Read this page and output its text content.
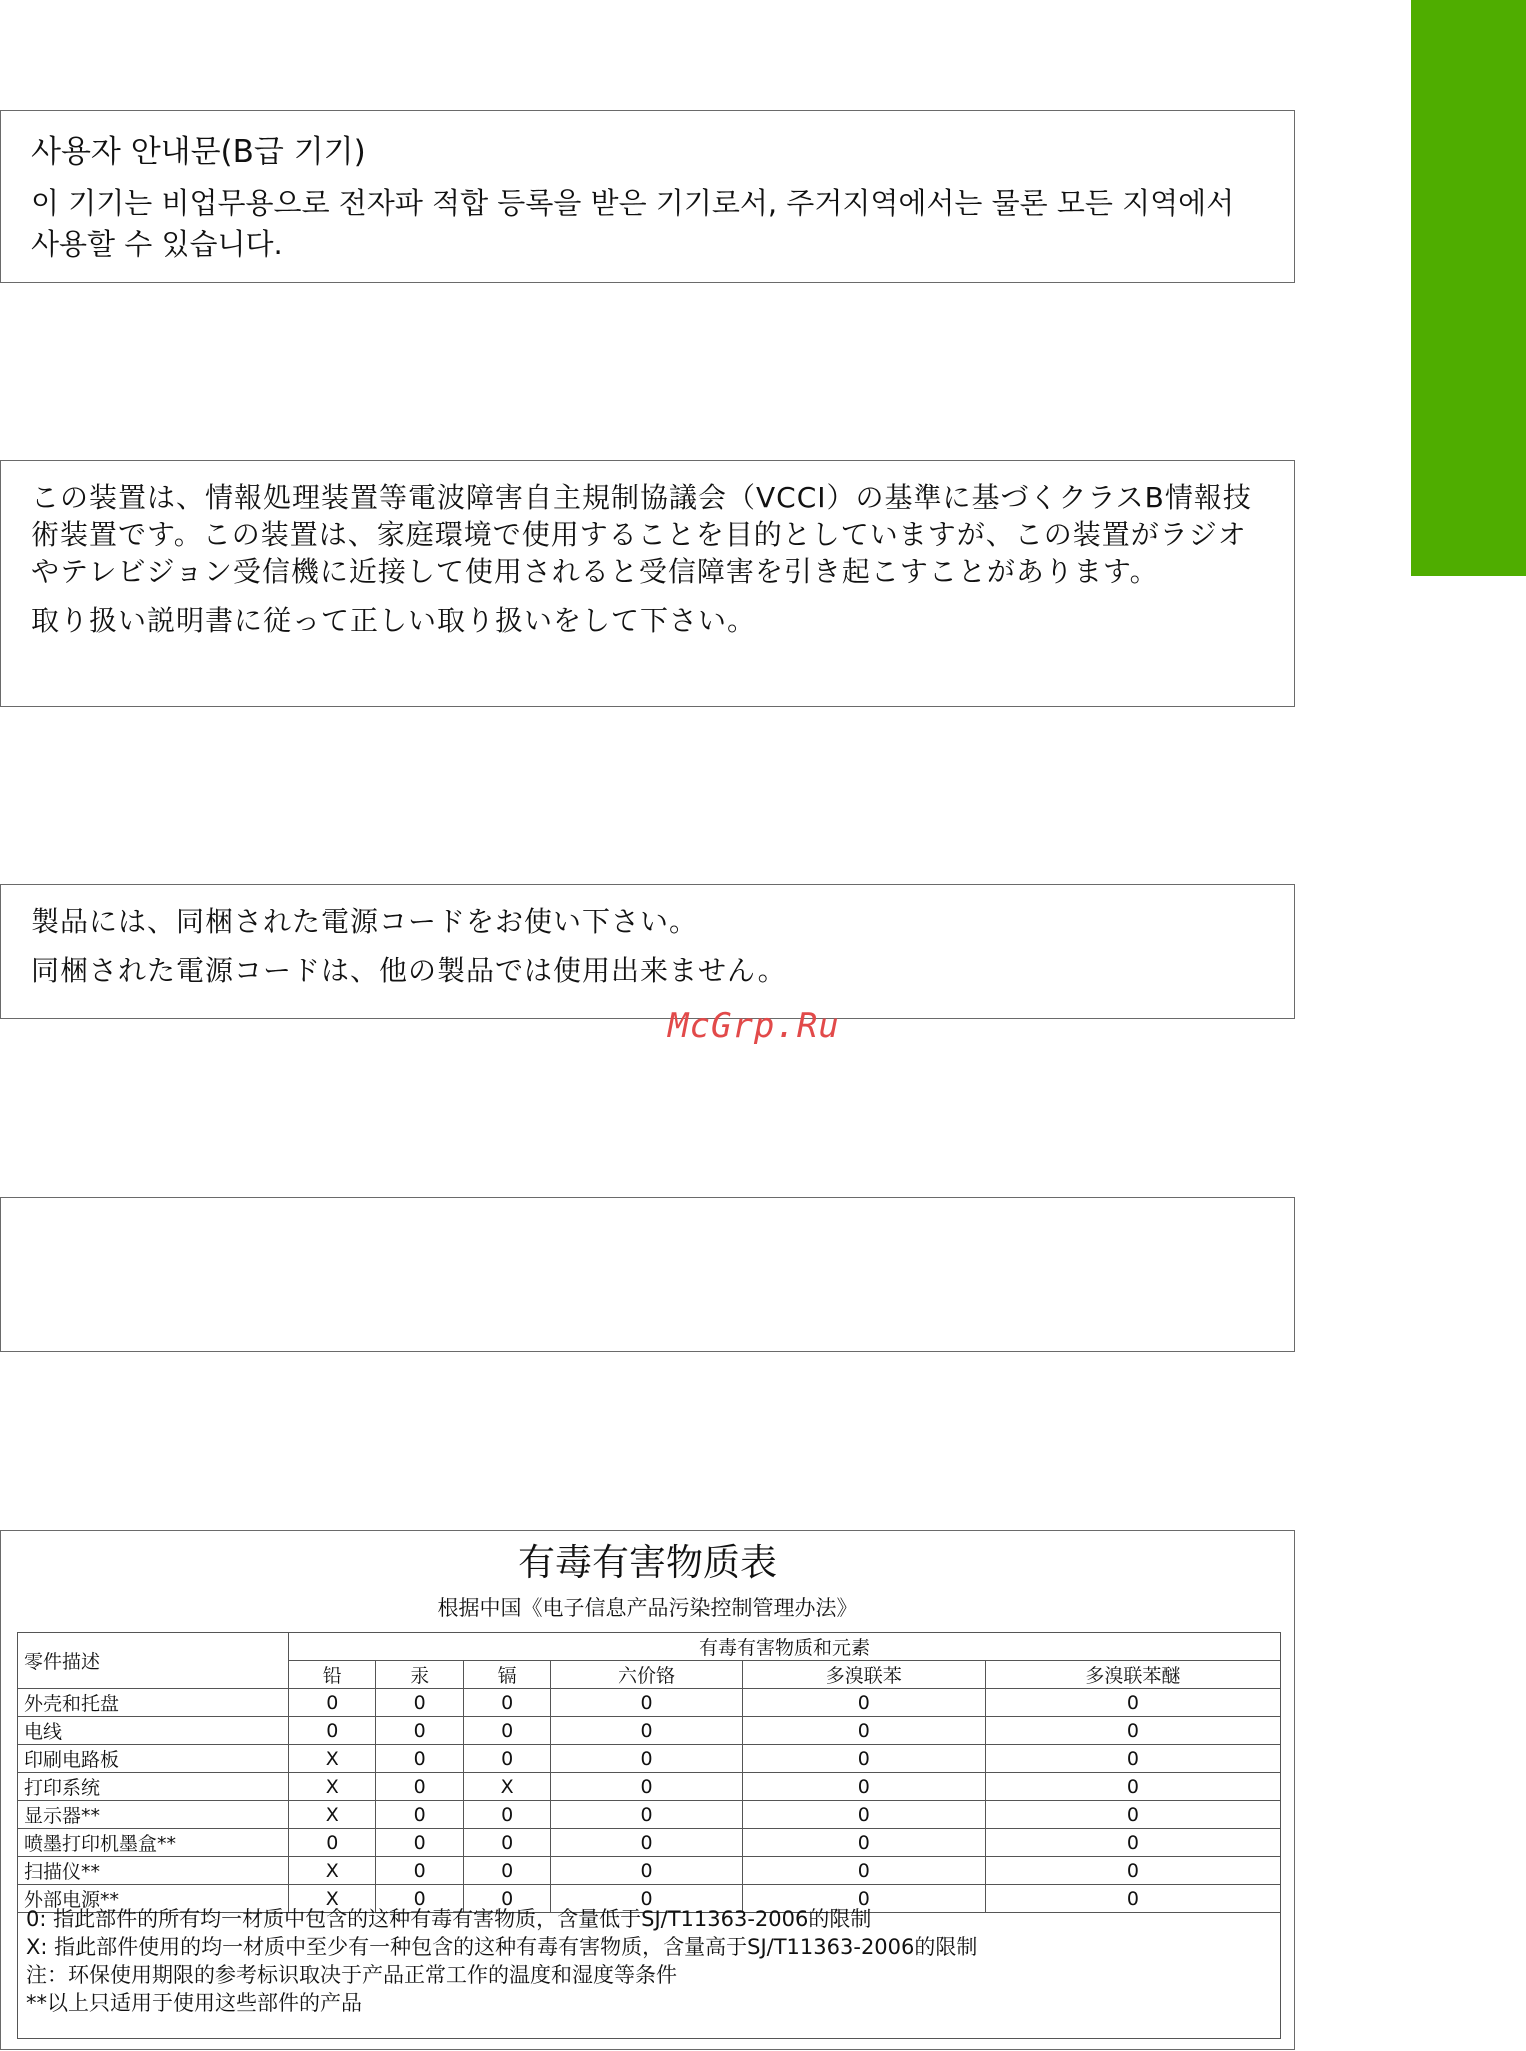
사용자 안내문(B급 기기)
이 기기는 비업무용으로 전자파 적합 등록을 받은 기기로서, 주거지역에서는 물론 모든 지역에서 사용할 수 있습니다.
この装置は、情報処理装置等電波障害自主規制協議会（VCCI）の基準に基づくクラスB情報技術装置です。この装置は、家庭環境で使用することを目的としていますが、この装置がラジオやテレビジョン受信機に近接して使用されると受信障害を引き起こすことがあります。
取り扱い説明書に従って正しい取り扱いをして下さい。
製品には、同梱された電源コードをお使い下さい。
同梱された電源コードは、他の製品では使用出来ません。
McGrp.Ru
有毒有害物质表
根据中国《电子信息产品污染控制管理办法》
零件描述	有毒有害物质和元素					
	铅	汞	镉	六价铬	多溴联苯	多溴联苯醚
外壳和托盘	0	0	0	0	0	0
电线	0	0	0	0	0	0
印刷电路板	X	0	0	0	0	0
打印系统	X	0	X	0	0	0
显示器**	X	0	0	0	0	0
喷墨打印机墨盒**	0	0	0	0	0	0
扫描仪**	X	0	0	0	0	0
外部电源**	X	0	0	0	0	0
0: 指此部件的所有均一材质中包含的这种有毒有害物质，含量低于SJ/T11363-2006的限制
X: 指此部件使用的均一材质中至少有一种包含的这种有毒有害物质，含量高于SJ/T11363-2006的限制
注：环保使用期限的参考标识取决于产品正常工作的温度和湿度等条件
**以上只适用于使用这些部件的产品
